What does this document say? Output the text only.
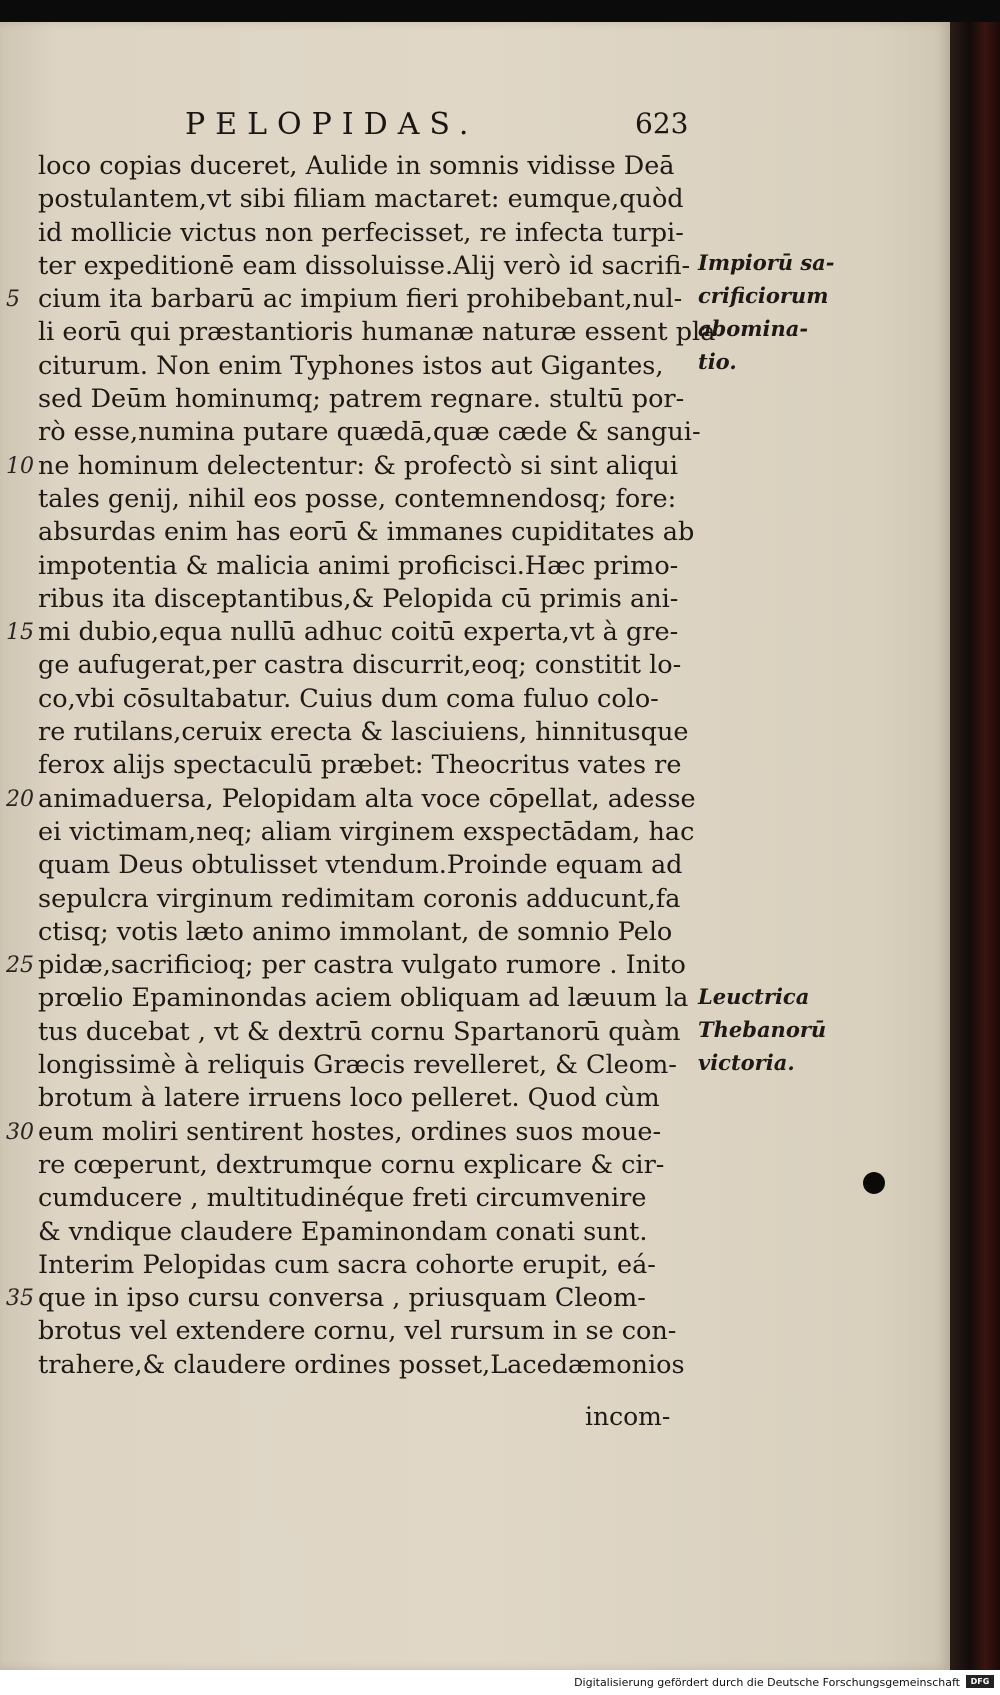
PELOPIDAS.	623
loco copias duceret, Aulide in somnis vidisse Deā
postulantem,vt sibi filiam mactaret: eumque,quòd
id mollicie victus non perfecisset, re infecta turpi-
ter expeditionē eam dissoluisse.Alij verò id sacrifi-
cium ita barbarū ac impium fieri prohibebant,nul-
li eorū qui præstantioris humanæ naturæ essent pla
citurum. Non enim Typhones istos aut Gigantes,
sed Deūm hominumq; patrem regnare. stultū por-
rò esse,numina putare quædā,quæ cæde & sangui-
ne hominum delectentur: & profectò si sint aliqui
tales genij, nihil eos posse, contemnendosq; fore:
absurdas enim has eorū & immanes cupiditates ab
impotentia & malicia animi proficisci.Hæc primo-
ribus ita disceptantibus,& Pelopida cū primis ani-
mi dubio,equa nullū adhuc coitū experta,vt à gre-
ge aufugerat,per castra discurrit,eoq; constitit lo-
co,vbi cōsultabatur. Cuius dum coma fuluo colo-
re rutilans,ceruix erecta & lasciuiens, hinnitusque
ferox alijs spectaculū præbet: Theocritus vates re
animaduersa, Pelopidam alta voce cōpellat, adesse
ei victimam,neq; aliam virginem exspectādam, hac
quam Deus obtulisset vtendum.Proinde equam ad
sepulcra virginum redimitam coronis adducunt,fa
ctisq; votis læto animo immolant, de somnio Pelo
pidæ,sacrificioq; per castra vulgato rumore . Inito
prœlio Epaminondas aciem obliquam ad læuum la
tus ducebat , vt & dextrū cornu Spartanorū quàm
longissimè à reliquis Græcis revelleret, & Cleom-
brotum à latere irruens loco pelleret. Quod cùm
eum moliri sentirent hostes, ordines suos moue-
re cœperunt, dextrumque cornu explicare & cir-
cumducere , multitudinéque freti circumvenire
& vndique claudere Epaminondam conati sunt.
Interim Pelopidas cum sacra cohorte erupit, eá-
que in ipso cursu conversa , priusquam Cleom-
brotus vel extendere cornu, vel rursum in se con-
trahere,& claudere ordines posset,Lacedæmonios
incom-
5
10
15
20
25
30
35
Impiorū sa-
crificiorum
abomina-
tio.
Leuctrica
Thebanorū
victoria.
Digitalisierung gefördert durch die Deutsche Forschungsgemeinschaft	DFG
